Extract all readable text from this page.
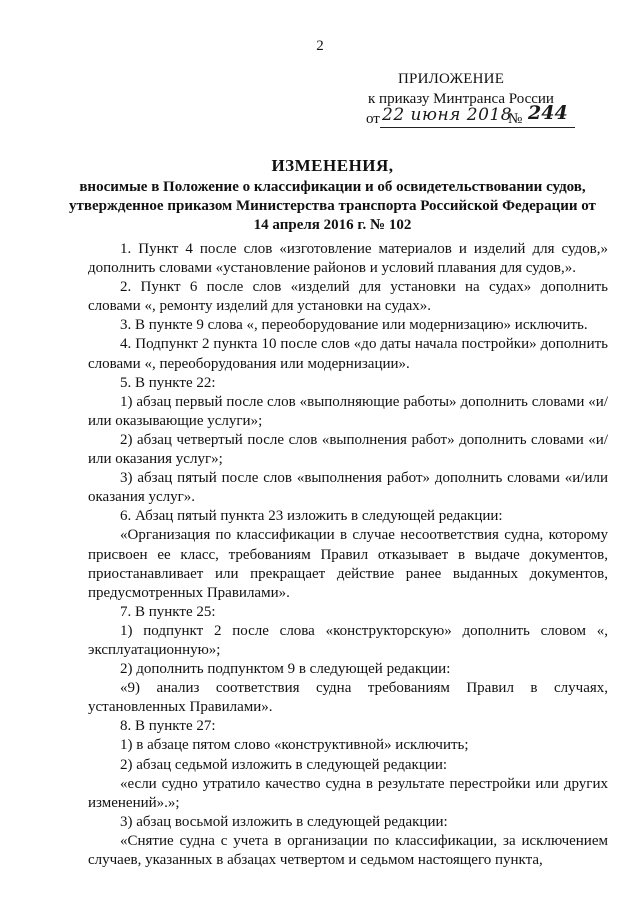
2
ПРИЛОЖЕНИЕ
к приказу Минтранса России
от 22 июня 2018
№ 244
ИЗМЕНЕНИЯ,
вносимые в Положение о классификации и об освидетельствовании судов, утвержденное приказом Министерства транспорта Российской Федерации от 14 апреля 2016 г. № 102

1. Пункт 4 после слов «изготовление материалов и изделий для судов,» дополнить словами «установление районов и условий плавания для судов,».

2. Пункт 6 после слов «изделий для установки на судах» дополнить словами «, ремонту изделий для установки на судах».

3. В пункте 9 слова «, переоборудование или модернизацию» исключить.

4. Подпункт 2 пункта 10 после слов «до даты начала постройки» дополнить словами «, переоборудования или модернизации».

5. В пункте 22:

1) абзац первый после слов «выполняющие работы» дополнить словами «и/или оказывающие услуги»;

2) абзац четвертый после слов «выполнения работ» дополнить словами «и/или оказания услуг»;

3) абзац пятый после слов «выполнения работ» дополнить словами «и/или оказания услуг».

6. Абзац пятый пункта 23 изложить в следующей редакции:

«Организация по классификации в случае несоответствия судна, которому присвоен ее класс, требованиям Правил отказывает в выдаче документов, приостанавливает или прекращает действие ранее выданных документов, предусмотренных Правилами».

7. В пункте 25:

1) подпункт 2 после слова «конструкторскую» дополнить словом «, эксплуатационную»;

2) дополнить подпунктом 9 в следующей редакции:

«9) анализ соответствия судна требованиям Правил в случаях, установленных Правилами».

8. В пункте 27:

1) в абзаце пятом слово «конструктивной» исключить;

2) абзац седьмой изложить в следующей редакции:

«если судно утратило качество судна в результате перестройки или других изменений».»;

3) абзац восьмой изложить в следующей редакции:

«Снятие судна с учета в организации по классификации, за исключением случаев, указанных в абзацах четвертом и седьмом настоящего пункта,
